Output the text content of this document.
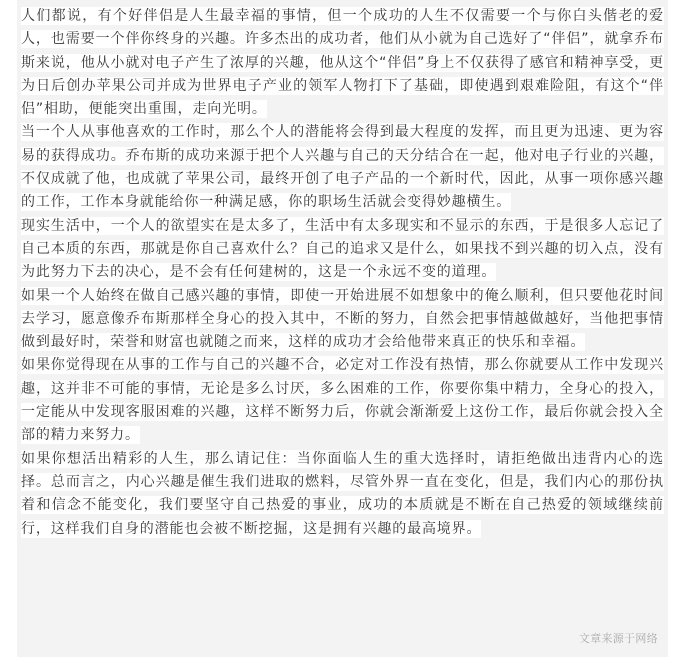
人们都说，有个好伴侣是人生最幸福的事情，但一个成功的人生不仅需要一个与你白头偕老的爱人，也需要一个伴你终身的兴趣。许多杰出的成功者，他们从小就为自己选好了“伴侣”，就拿乔布斯来说，他从小就对电子产生了浓厚的兴趣，他从这个“伴侣”身上不仅获得了感官和精神享受，更为日后创办苹果公司并成为世界电子产业的领军人物打下了基础，即使遇到艰难险阻，有这个“伴侣”相助，便能突出重围，走向光明。

当一个人从事他喜欢的工作时，那么个人的潜能将会得到最大程度的发挥，而且更为迅速、更为容易的获得成功。乔布斯的成功来源于把个人兴趣与自己的天分结合在一起，他对电子行业的兴趣，不仅成就了他，也成就了苹果公司，最终开创了电子产品的一个新时代，因此，从事一项你感兴趣的工作，工作本身就能给你一种满足感，你的职场生活就会变得妙趣横生。

现实生活中，一个人的欲望实在是太多了，生活中有太多现实和不显示的东西，于是很多人忘记了自己本质的东西，那就是你自己喜欢什么？自己的追求又是什么，如果找不到兴趣的切入点，没有为此努力下去的决心，是不会有任何建树的，这是一个永远不变的道理。

如果一个人始终在做自己感兴趣的事情，即使一开始进展不如想象中的俺么顺利，但只要他花时间去学习，愿意像乔布斯那样全身心的投入其中，不断的努力，自然会把事情越做越好，当他把事情做到最好时，荣誉和财富也就随之而来，这样的成功才会给他带来真正的快乐和幸福。

如果你觉得现在从事的工作与自己的兴趣不合，必定对工作没有热情，那么你就要从工作中发现兴趣，这并非不可能的事情，无论是多么讨厌，多么困难的工作，你要你集中精力，全身心的投入，一定能从中发现客服困难的兴趣，这样不断努力后，你就会渐渐爱上这份工作，最后你就会投入全部的精力来努力。

如果你想活出精彩的人生，那么请记住：当你面临人生的重大选择时，请拒绝做出违背内心的选择。总而言之，内心兴趣是催生我们进取的燃料，尽管外界一直在变化，但是，我们内心的那份执着和信念不能变化，我们要坚守自己热爱的事业，成功的本质就是不断在自己热爱的领域继续前行，这样我们自身的潜能也会被不断挖掘，这是拥有兴趣的最高境界。

文章来源于网络
